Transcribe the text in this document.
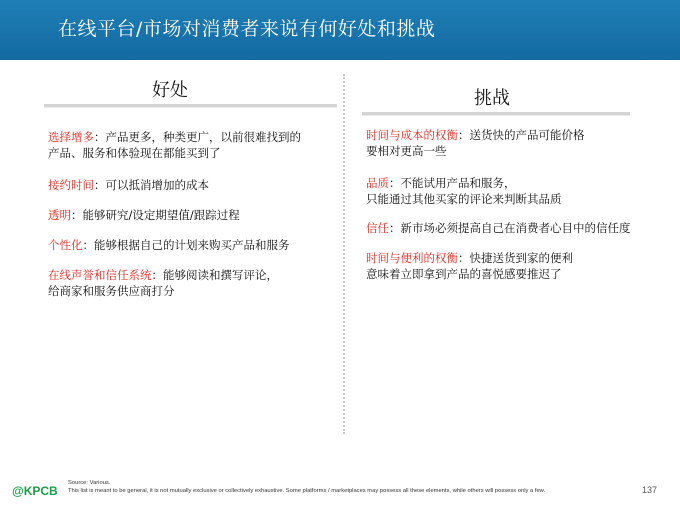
在线平台/市场对消费者来说有何好处和挑战
好处
选择增多：产品更多，种类更广，以前很难找到的
产品、服务和体验现在都能买到了
接约时间：可以抵消增加的成本
透明：能够研究/设定期望值/跟踪过程
个性化：能够根据自己的计划来购买产品和服务
在线声誉和信任系统：能够阅读和撰写评论，
给商家和服务供应商打分
挑战
时间与成本的权衡：送货快的产品可能价格
要相对更高一些
品质：不能试用产品和服务，
只能通过其他买家的评论来判断其品质
信任：新市场必须提高自己在消费者心目中的信任度
时间与便利的权衡：快捷送货到家的便利
意味着立即拿到产品的喜悦感要推迟了
@KPCB
Source: Various.
This list is meant to be general, it is not mutually exclusive or collectively exhaustive. Some platforms / marketplaces may possess all these elements, while others will possess only a few.	137
